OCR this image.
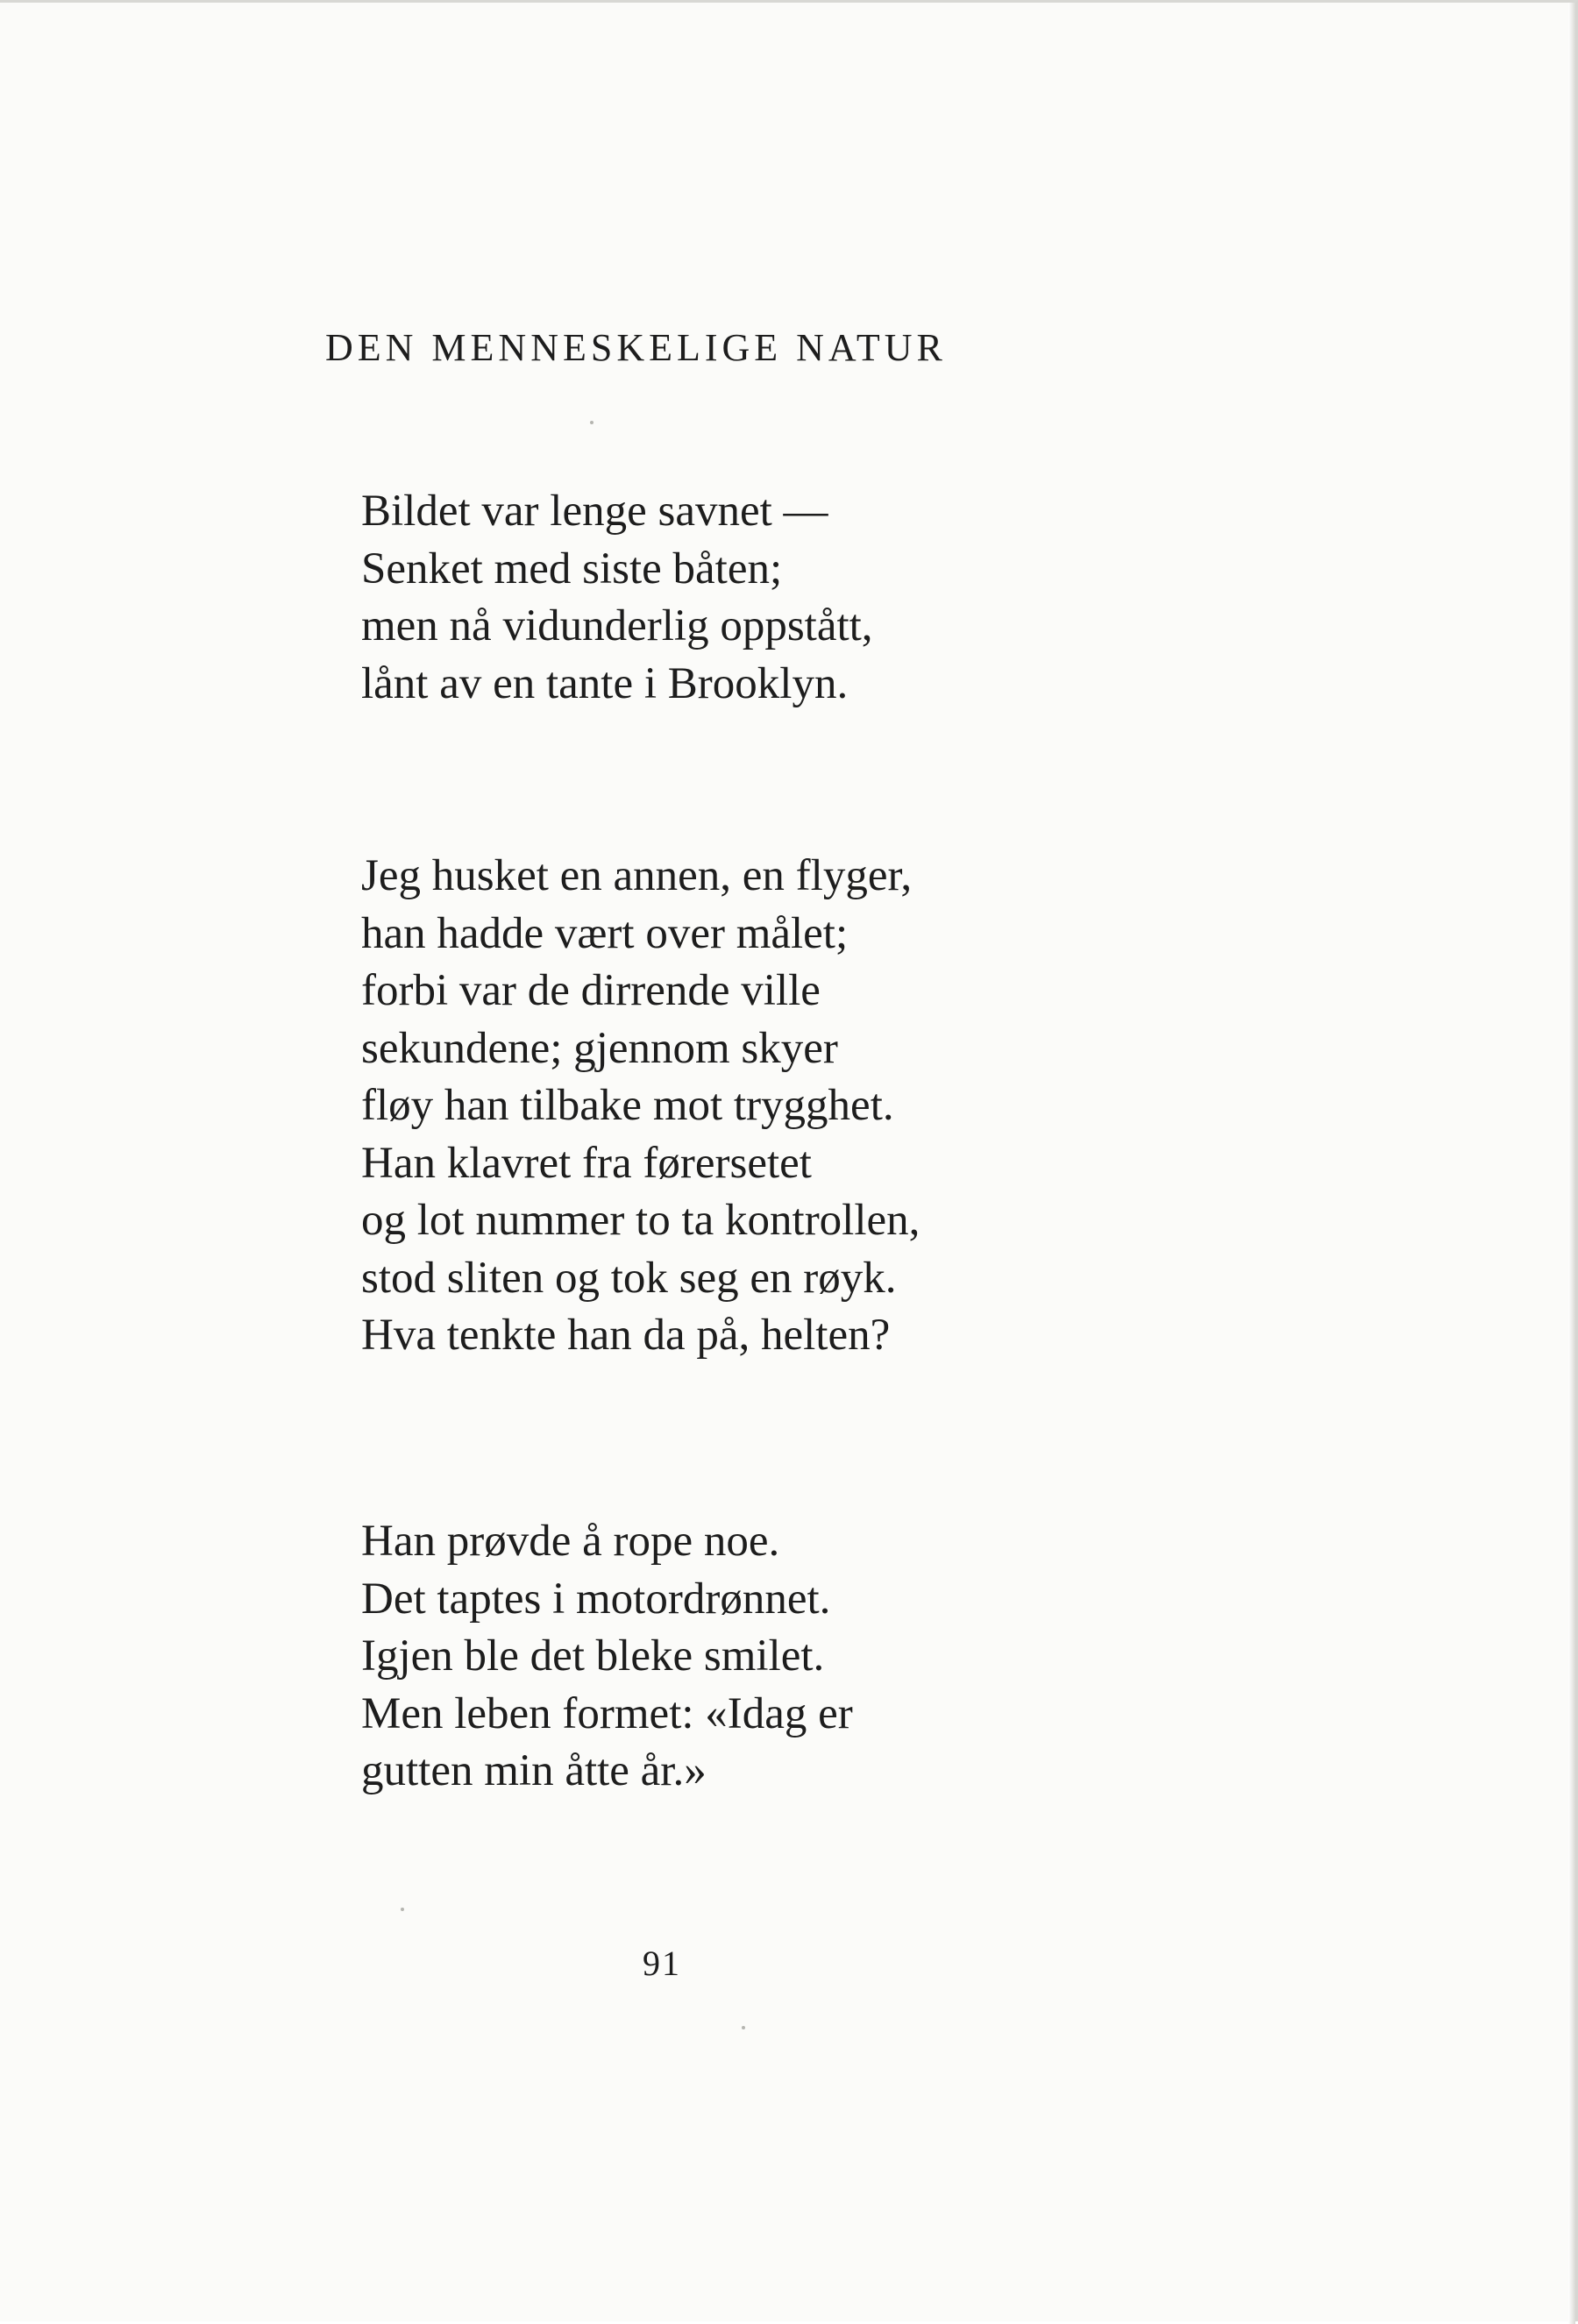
DEN MENNESKELIGE NATUR
Bildet var lenge savnet —
Senket med siste båten;
men nå vidunderlig oppstått,
lånt av en tante i Brooklyn.
Jeg husket en annen, en flyger,
han hadde vært over målet;
forbi var de dirrende ville
sekundene; gjennom skyer
fløy han tilbake mot trygghet.
Han klavret fra førersetet
og lot nummer to ta kontrollen,
stod sliten og tok seg en røyk.
Hva tenkte han da på, helten?
Han prøvde å rope noe.
Det taptes i motordrønnet.
Igjen ble det bleke smilet.
Men leben formet: «Idag er
gutten min åtte år.»
91
